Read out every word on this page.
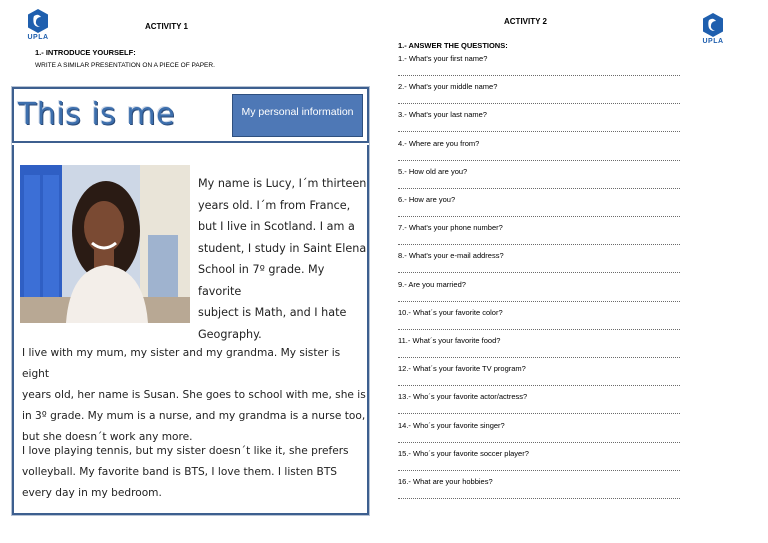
UPLA
ACTIVITY 1
1.- INTRODUCE YOURSELF:
WRITE A SIMILAR PRESENTATION ON A PIECE OF PAPER.
This is me	My personal information
My name is Lucy, I´m thirteen
years old. I´m from France,
but I live in Scotland. I am a
student, I study in Saint Elena
School in 7º grade. My favorite
subject is Math, and I hate
Geography.
I live with my mum, my sister and my grandma. My sister is eight
years old, her name is Susan. She goes to school with me, she is
in 3º grade. My mum is a nurse, and my grandma is a nurse too,
but she doesn´t work any more.
I love playing tennis, but my sister doesn´t like it, she prefers
volleyball. My favorite band is BTS, I love them. I listen BTS
every day in my bedroom.
ACTIVITY 2
UPLA
1.- ANSWER THE QUESTIONS:
1.- What's your first name?
2.- What's your middle name?
3.- What's your last name?
4.- Where are you from?
5.- How old are you?
6.- How are you?
7.- What's your phone number?
8.- What's your e-mail address?
9.- Are you married?
10.- What´s your favorite color?
11.- What´s your favorite food?
12.- What´s your favorite TV program?
13.- Who´s your favorite actor/actress?
14.- Who´s your favorite singer?
15.- Who´s your favorite soccer player?
16.- What are your hobbies?
